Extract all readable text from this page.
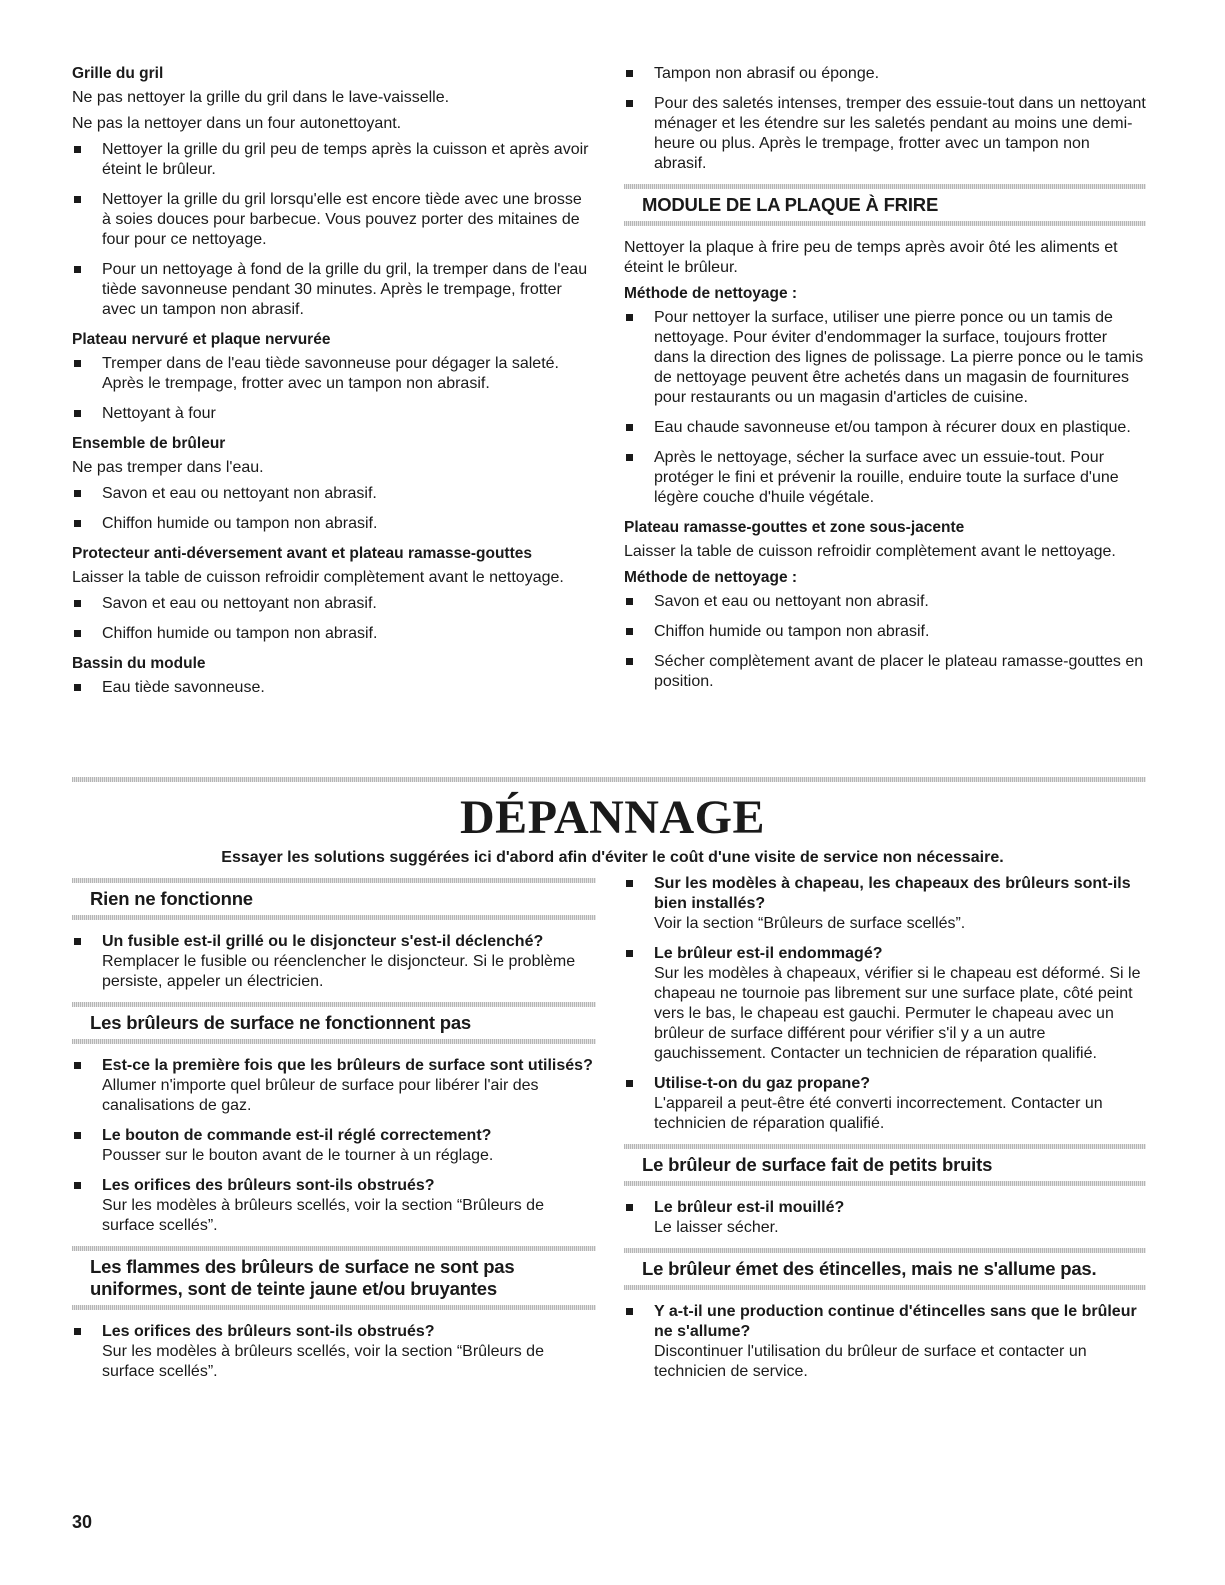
Grille du gril
Ne pas nettoyer la grille du gril dans le lave-vaisselle.
Ne pas la nettoyer dans un four autonettoyant.
Nettoyer la grille du gril peu de temps après la cuisson et après avoir éteint le brûleur.
Nettoyer la grille du gril lorsqu'elle est encore tiède avec une brosse à soies douces pour barbecue. Vous pouvez porter des mitaines de four pour ce nettoyage.
Pour un nettoyage à fond de la grille du gril, la tremper dans de l'eau tiède savonneuse pendant 30 minutes. Après le trempage, frotter avec un tampon non abrasif.
Plateau nervuré et plaque nervurée
Tremper dans de l'eau tiède savonneuse pour dégager la saleté. Après le trempage, frotter avec un tampon non abrasif.
Nettoyant à four
Ensemble de brûleur
Ne pas tremper dans l'eau.
Savon et eau ou nettoyant non abrasif.
Chiffon humide ou tampon non abrasif.
Protecteur anti-déversement avant et plateau ramasse-gouttes
Laisser la table de cuisson refroidir complètement avant le nettoyage.
Savon et eau ou nettoyant non abrasif.
Chiffon humide ou tampon non abrasif.
Bassin du module
Eau tiède savonneuse.
Tampon non abrasif ou éponge.
Pour des saletés intenses, tremper des essuie-tout dans un nettoyant ménager et les étendre sur les saletés pendant au moins une demi-heure ou plus. Après le trempage, frotter avec un tampon non abrasif.
MODULE DE LA PLAQUE À FRIRE
Nettoyer la plaque à frire peu de temps après avoir ôté les aliments et éteint le brûleur.
Méthode de nettoyage :
Pour nettoyer la surface, utiliser une pierre ponce ou un tamis de nettoyage. Pour éviter d'endommager la surface, toujours frotter dans la direction des lignes de polissage. La pierre ponce ou le tamis de nettoyage peuvent être achetés dans un magasin de fournitures pour restaurants ou un magasin d'articles de cuisine.
Eau chaude savonneuse et/ou tampon à récurer doux en plastique.
Après le nettoyage, sécher la surface avec un essuie-tout. Pour protéger le fini et prévenir la rouille, enduire toute la surface d'une légère couche d'huile végétale.
Plateau ramasse-gouttes et zone sous-jacente
Laisser la table de cuisson refroidir complètement avant le nettoyage.
Méthode de nettoyage :
Savon et eau ou nettoyant non abrasif.
Chiffon humide ou tampon non abrasif.
Sécher complètement avant de placer le plateau ramasse-gouttes en position.
DÉPANNAGE
Essayer les solutions suggérées ici d'abord afin d'éviter le coût d'une visite de service non nécessaire.
Rien ne fonctionne
Un fusible est-il grillé ou le disjoncteur s'est-il déclenché?
Remplacer le fusible ou réenclencher le disjoncteur. Si le problème persiste, appeler un électricien.
Les brûleurs de surface ne fonctionnent pas
Est-ce la première fois que les brûleurs de surface sont utilisés?
Allumer n'importe quel brûleur de surface pour libérer l'air des canalisations de gaz.
Le bouton de commande est-il réglé correctement?
Pousser sur le bouton avant de le tourner à un réglage.
Les orifices des brûleurs sont-ils obstrués?
Sur les modèles à brûleurs scellés, voir la section “Brûleurs de surface scellés”.
Les flammes des brûleurs de surface ne sont pas uniformes, sont de teinte jaune et/ou bruyantes
Les orifices des brûleurs sont-ils obstrués?
Sur les modèles à brûleurs scellés, voir la section “Brûleurs de surface scellés”.
Sur les modèles à chapeau, les chapeaux des brûleurs sont-ils bien installés?
Voir la section “Brûleurs de surface scellés”.
Le brûleur est-il endommagé?
Sur les modèles à chapeaux, vérifier si le chapeau est déformé. Si le chapeau ne tournoie pas librement sur une surface plate, côté peint vers le bas, le chapeau est gauchi. Permuter le chapeau avec un brûleur de surface différent pour vérifier s'il y a un autre gauchissement. Contacter un technicien de réparation qualifié.
Utilise-t-on du gaz propane?
L'appareil a peut-être été converti incorrectement. Contacter un technicien de réparation qualifié.
Le brûleur de surface fait de petits bruits
Le brûleur est-il mouillé?
Le laisser sécher.
Le brûleur émet des étincelles, mais ne s'allume pas.
Y a-t-il une production continue d'étincelles sans que le brûleur ne s'allume?
Discontinuer l'utilisation du brûleur de surface et contacter un technicien de service.
30
